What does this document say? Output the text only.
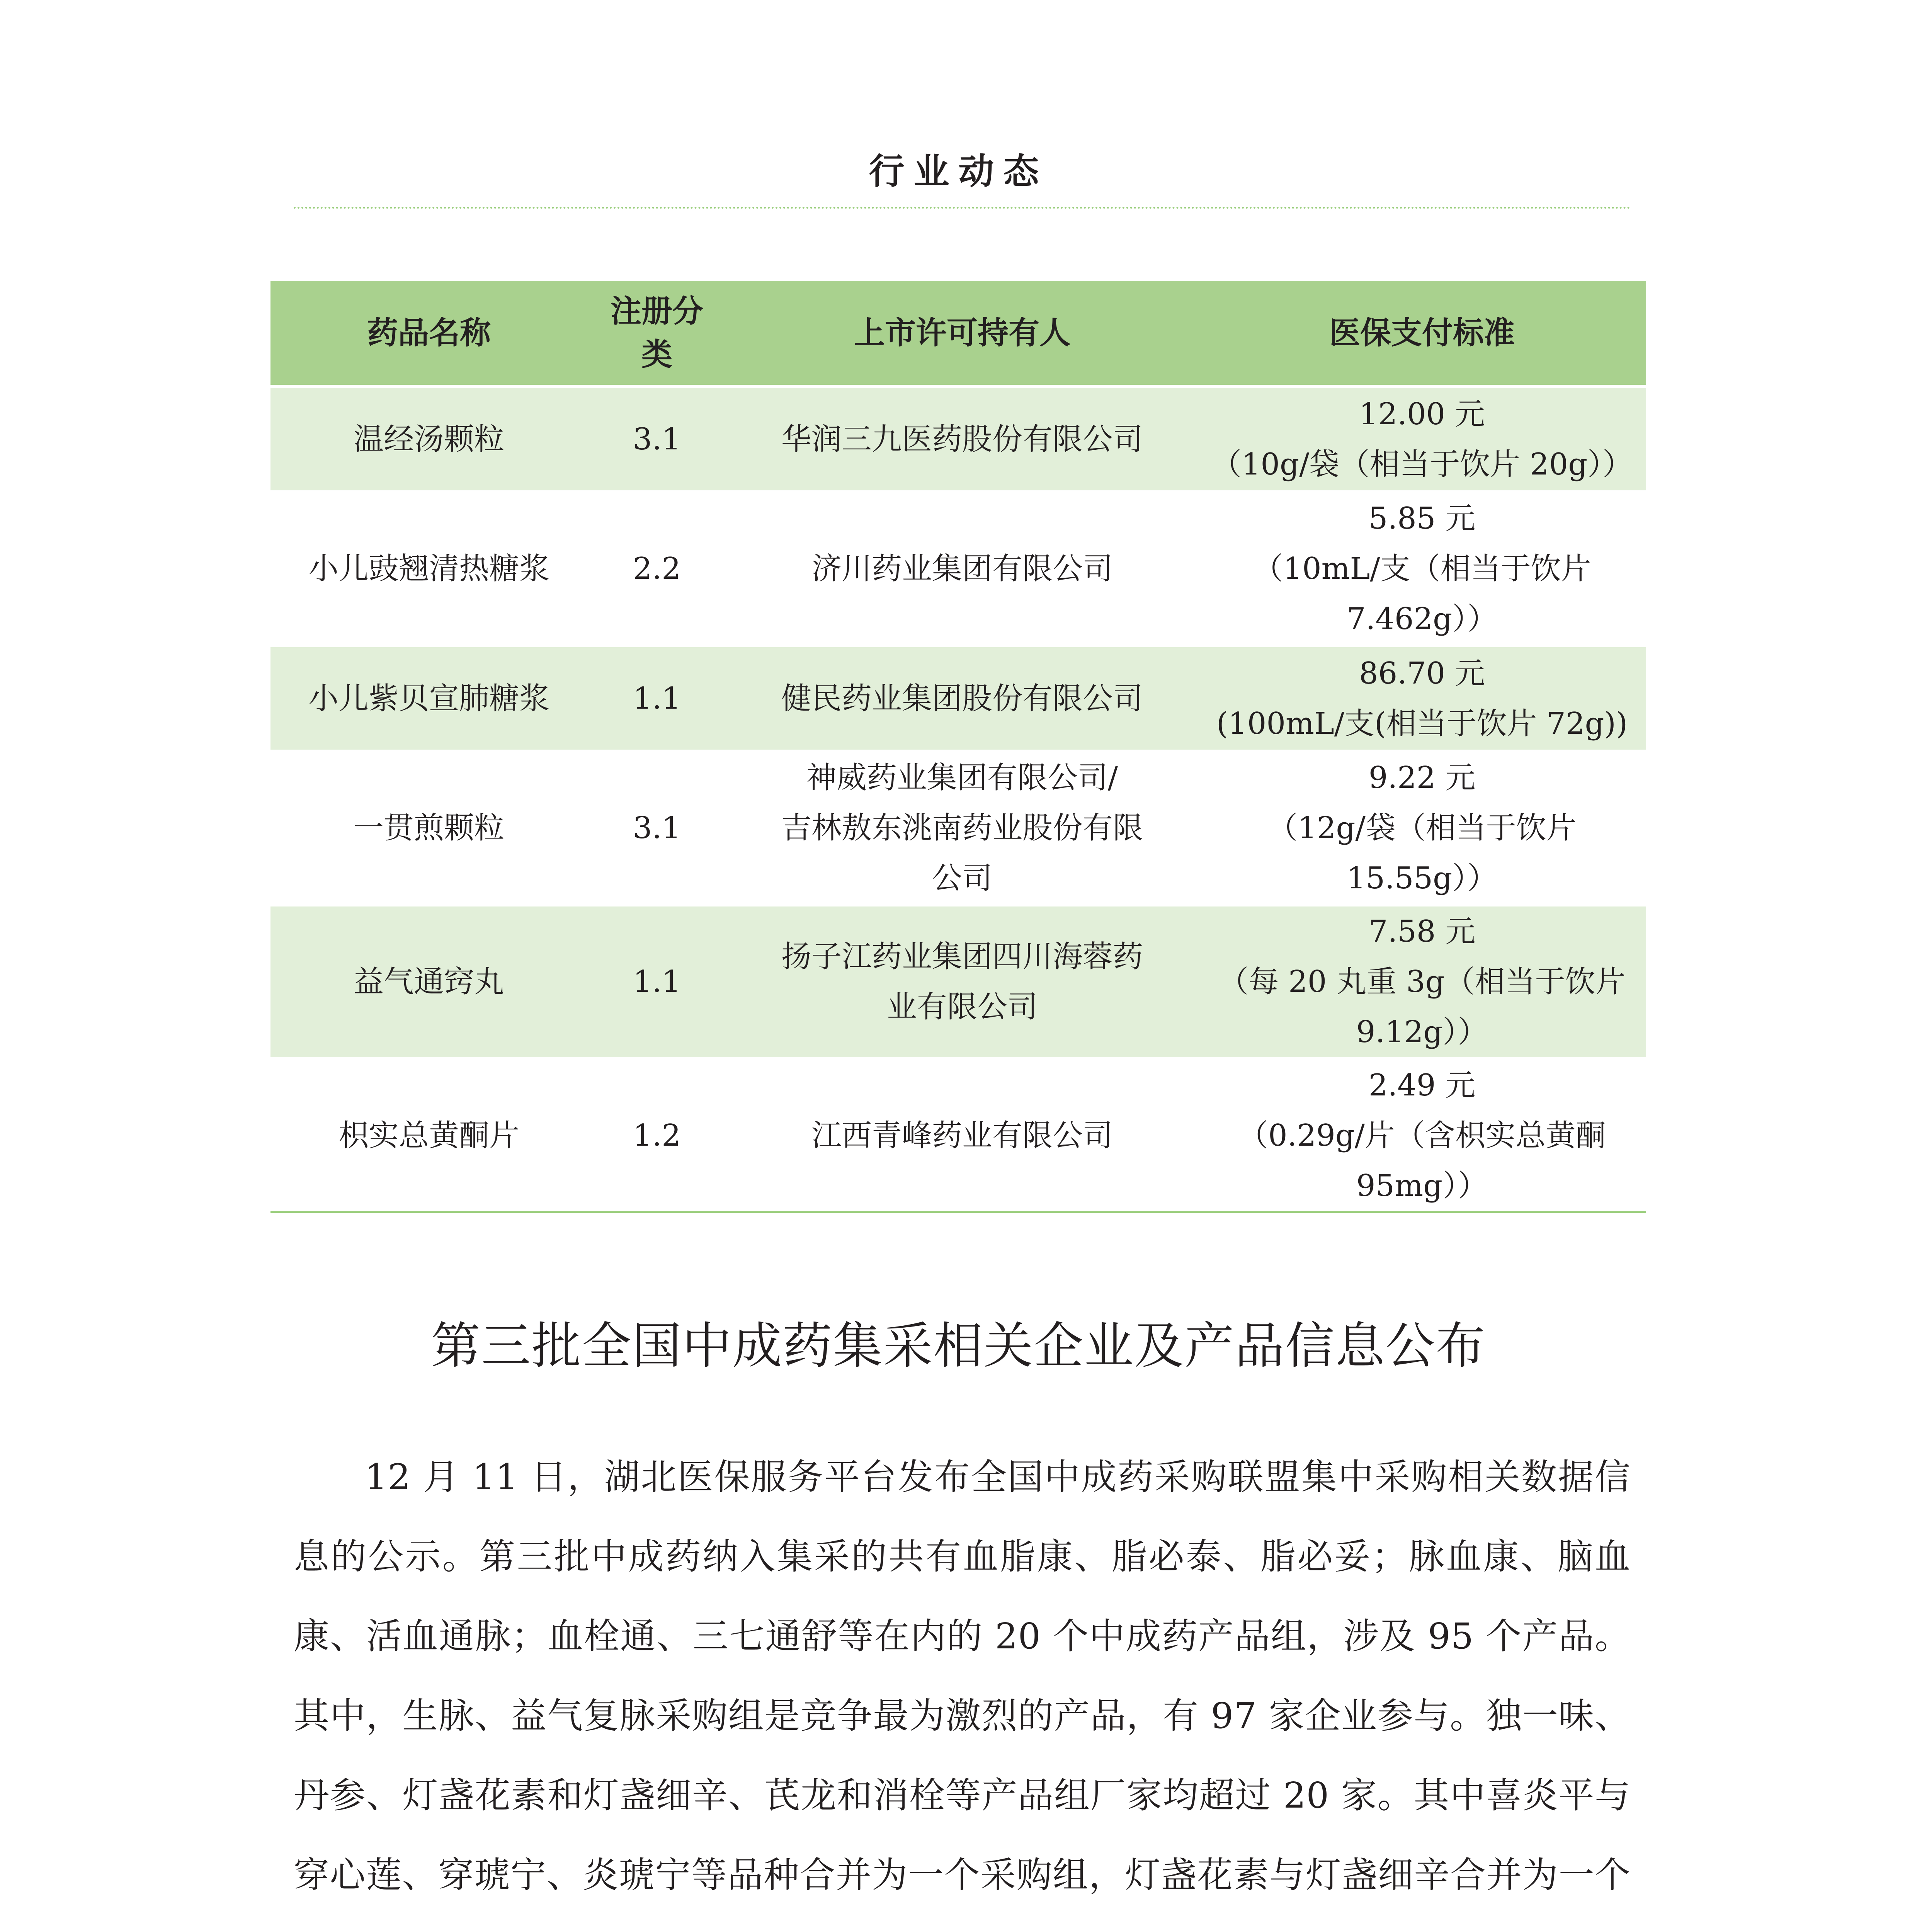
行业动态
药品名称	注册分类	上市许可持有人	医保支付标准
温经汤颗粒	3.1	华润三九医药股份有限公司	12.00 元
（10g/袋（相当于饮片 20g））

小儿豉翘清热糖浆	2.2	济川药业集团有限公司	5.85 元
（10mL/支（相当于饮片
7.462g））

小儿紫贝宣肺糖浆	1.1	健民药业集团股份有限公司	86.70 元
(100mL/支(相当于饮片 72g))

一贯煎颗粒	3.1	神威药业集团有限公司/
吉林敖东洮南药业股份有限
公司	9.22 元
（12g/袋（相当于饮片
15.55g））

益气通窍丸	1.1	扬子江药业集团四川海蓉药
业有限公司	7.58 元
（每 20 丸重 3g（相当于饮片
9.12g））

枳实总黄酮片	1.2	江西青峰药业有限公司	2.49 元
（0.29g/片（含枳实总黄酮
95mg））
第三批全国中成药集采相关企业及产品信息公布

12 月 11 日，湖北医保服务平台发布全国中成药采购联盟集中采购相关数据信息的公示。第三批中成药纳入集采的共有血脂康、脂必泰、脂必妥；脉血康、脑血康、活血通脉；血栓通、三七通舒等在内的 20 个中成药产品组，涉及 95 个产品。其中，生脉、益气复脉采购组是竞争最为激烈的产品，有 97 家企业参与。独一味、丹参、灯盏花素和灯盏细辛、芪龙和消栓等产品组厂家均超过 20 家。其中喜炎平与穿心莲、穿琥宁、炎琥宁等品种合并为一个采购组，灯盏花素与灯盏细辛合并为一个
